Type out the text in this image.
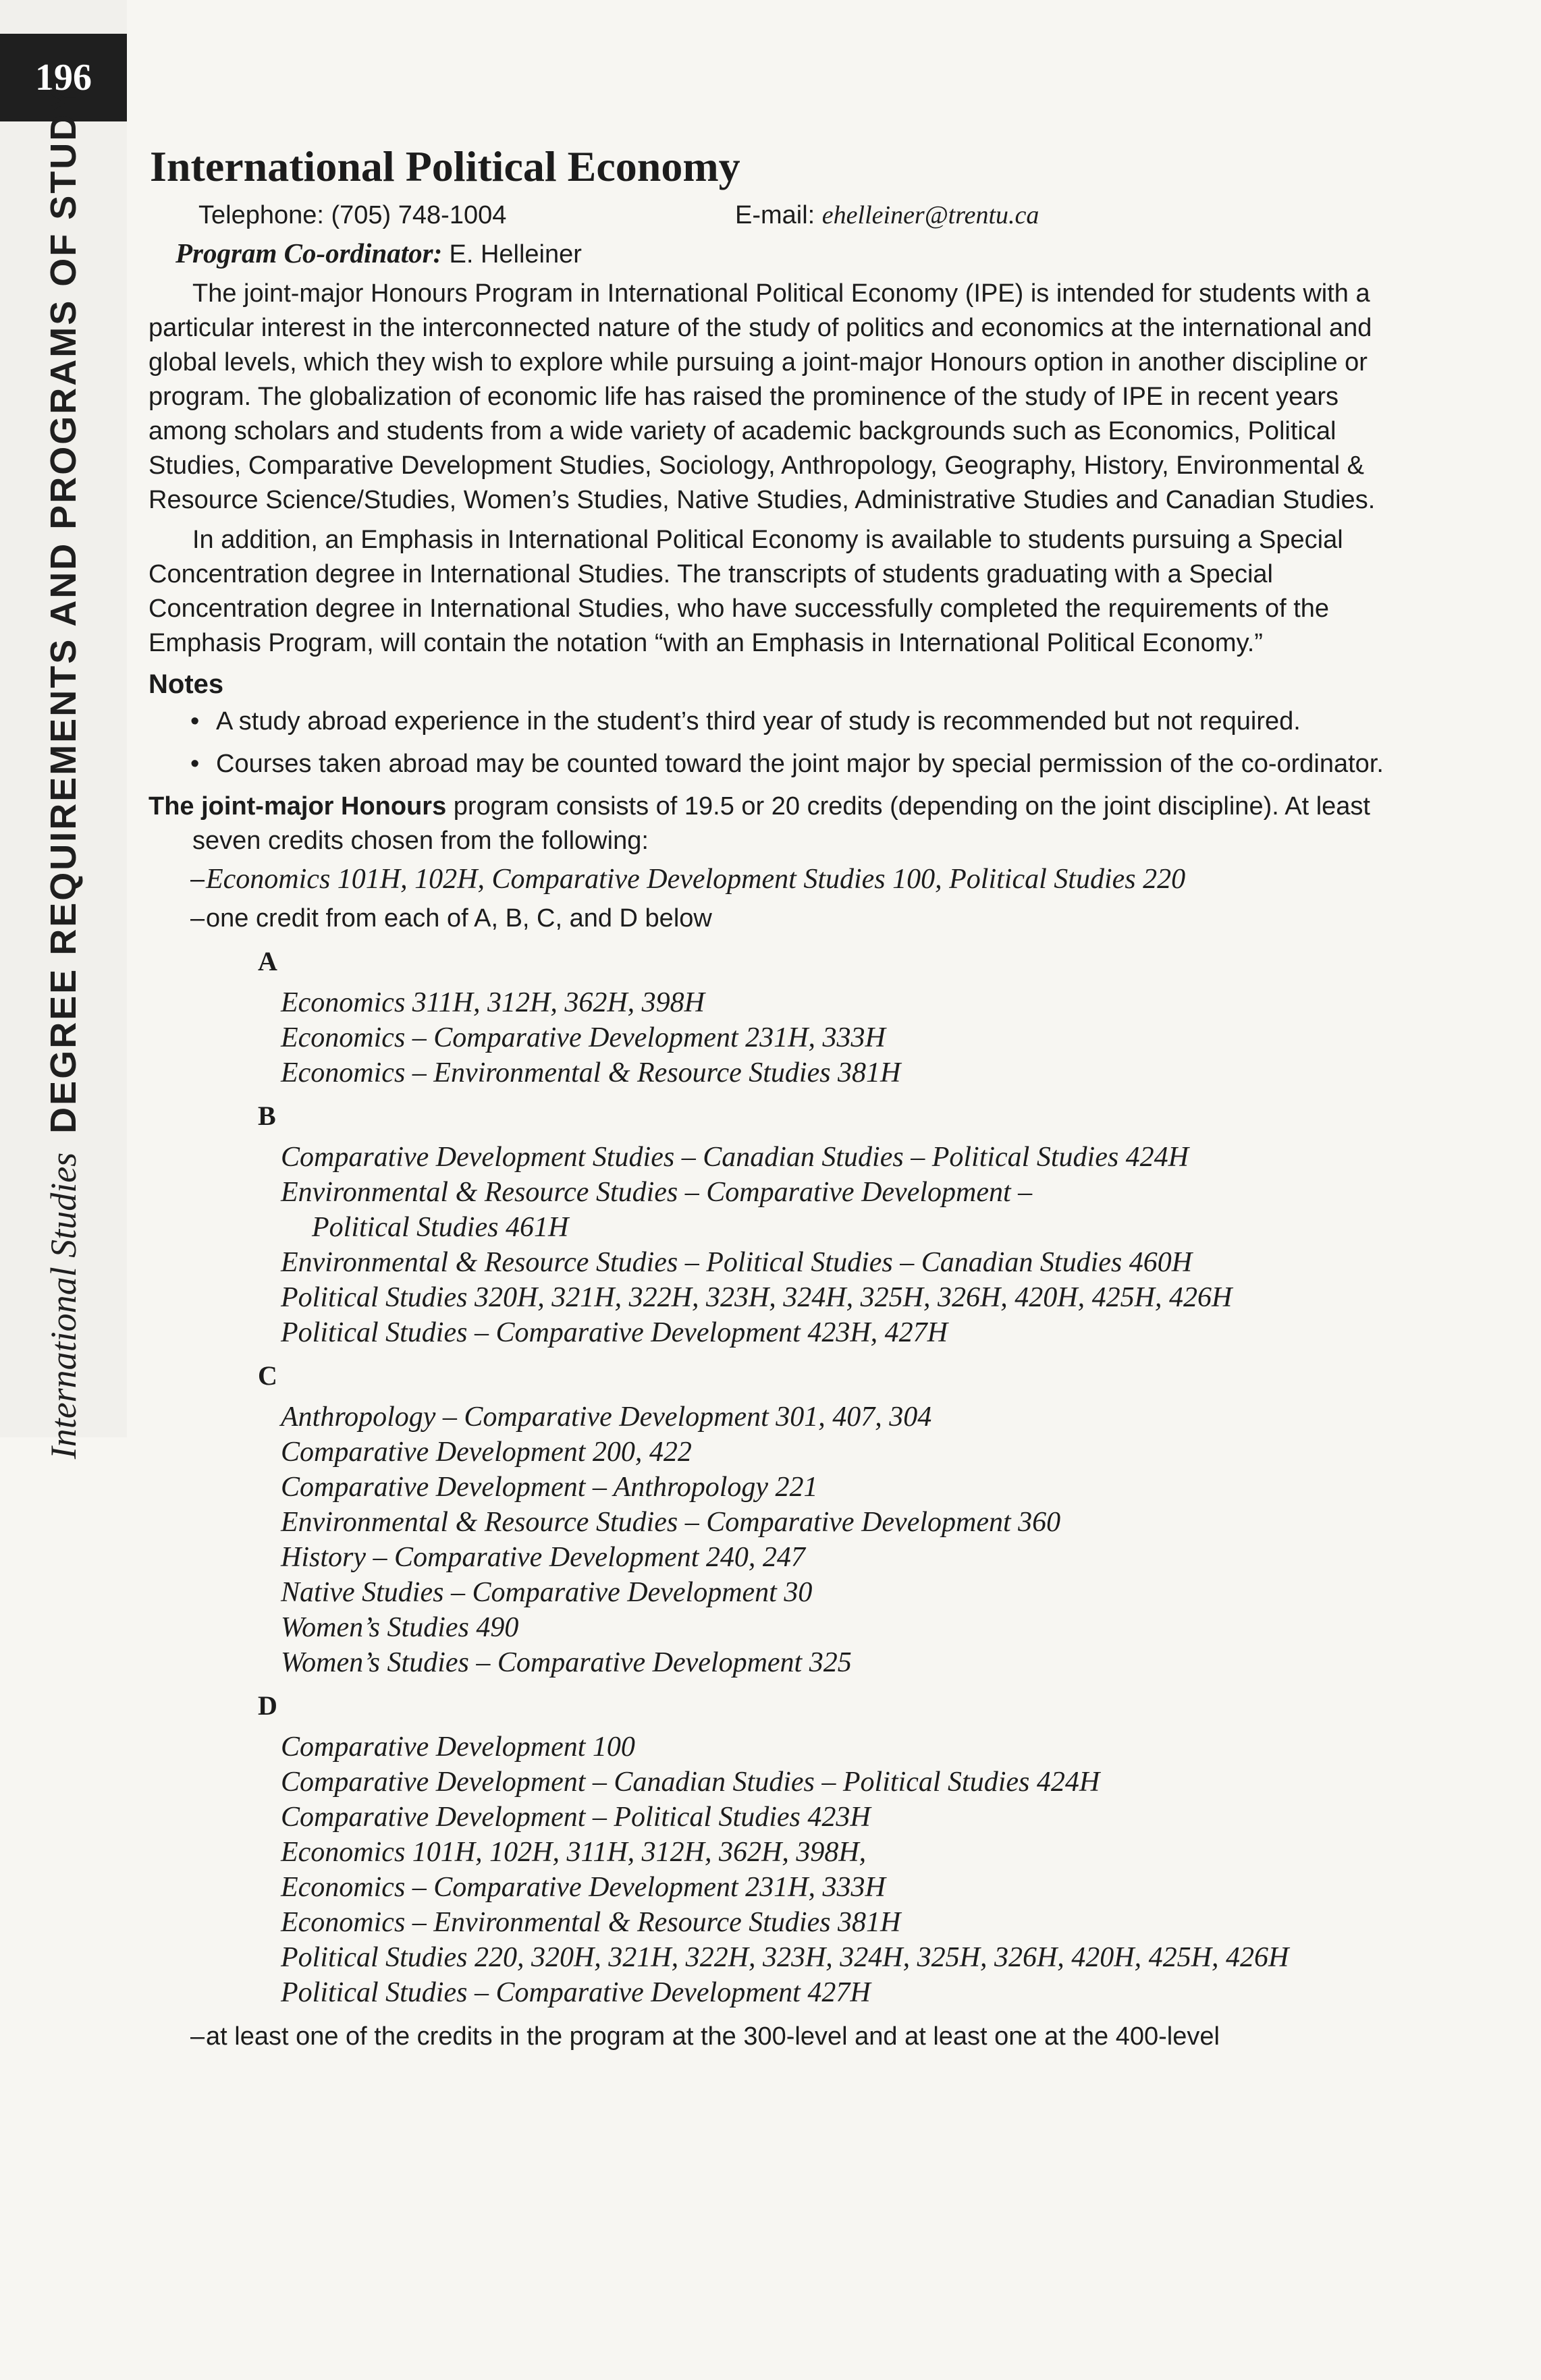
196
International StudiesDEGREE REQUIREMENTS AND PROGRAMS OF STUDY International Political Economy
Telephone: (705) 748-1004	E-mail: ehelleiner@trentu.ca
Program Co-ordinator: E. Helleiner

The joint-major Honours Program in International Political Economy (IPE) is intended for students with a particular interest in the interconnected nature of the study of politics and economics at the international and global levels, which they wish to explore while pursuing a joint-major Honours option in another discipline or program. The globalization of economic life has raised the prominence of the study of IPE in recent years among scholars and students from a wide variety of academic backgrounds such as Economics, Political Studies, Comparative Development Studies, Sociology, Anthropology, Geography, History, Environmental & Resource Science/Studies, Women’s Studies, Native Studies, Administrative Studies and Canadian Studies.

In addition, an Emphasis in International Political Economy is available to students pursuing a Special Concentration degree in International Studies. The transcripts of students graduating with a Special Concentration degree in International Studies, who have successfully completed the requirements of the Emphasis Program, will contain the notation “with an Emphasis in International Political Economy.”

Notes
• A study abroad experience in the student’s third year of study is recommended but not required.
• Courses taken abroad may be counted toward the joint major by special permission of the co-ordinator.

The joint-major Honours program consists of 19.5 or 20 credits (depending on the joint discipline). At least seven credits chosen from the following:

– Economics 101H, 102H, Comparative Development Studies 100, Political Studies 220
– one credit from each of A, B, C, and D below
A
Economics 311H, 312H, 362H, 398H
Economics – Comparative Development 231H, 333H
Economics – Environmental & Resource Studies 381H
B
Comparative Development Studies – Canadian Studies – Political Studies 424H
Environmental & Resource Studies – Comparative Development –
Political Studies 461H
Environmental & Resource Studies – Political Studies – Canadian Studies 460H
Political Studies 320H, 321H, 322H, 323H, 324H, 325H, 326H, 420H, 425H, 426H
Political Studies – Comparative Development 423H, 427H
C
Anthropology – Comparative Development 301, 407, 304
Comparative Development 200, 422
Comparative Development – Anthropology 221
Environmental & Resource Studies – Comparative Development 360
History – Comparative Development 240, 247
Native Studies – Comparative Development 30
Women’s Studies 490
Women’s Studies – Comparative Development 325
D
Comparative Development 100
Comparative Development – Canadian Studies – Political Studies 424H
Comparative Development – Political Studies 423H
Economics 101H, 102H, 311H, 312H, 362H, 398H,
Economics – Comparative Development 231H, 333H
Economics – Environmental & Resource Studies 381H
Political Studies 220, 320H, 321H, 322H, 323H, 324H, 325H, 326H, 420H, 425H, 426H
Political Studies – Comparative Development 427H
– at least one of the credits in the program at the 300-level and at least one at the 400-level
